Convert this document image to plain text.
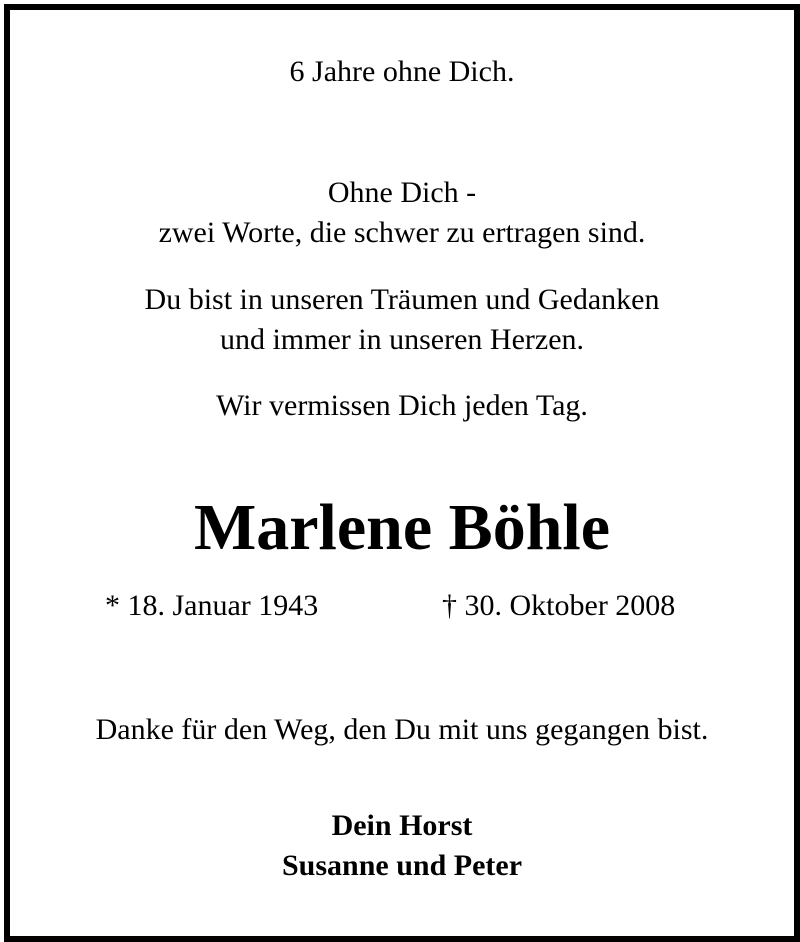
6 Jahre ohne Dich.
Ohne Dich -
zwei Worte, die schwer zu ertragen sind.
Du bist in unseren Träumen und Gedanken
und immer in unseren Herzen.
Wir vermissen Dich jeden Tag.
Marlene Böhle
* 18. Januar 1943	† 30. Oktober 2008
Danke für den Weg, den Du mit uns gegangen bist.
Dein Horst
Susanne und Peter
